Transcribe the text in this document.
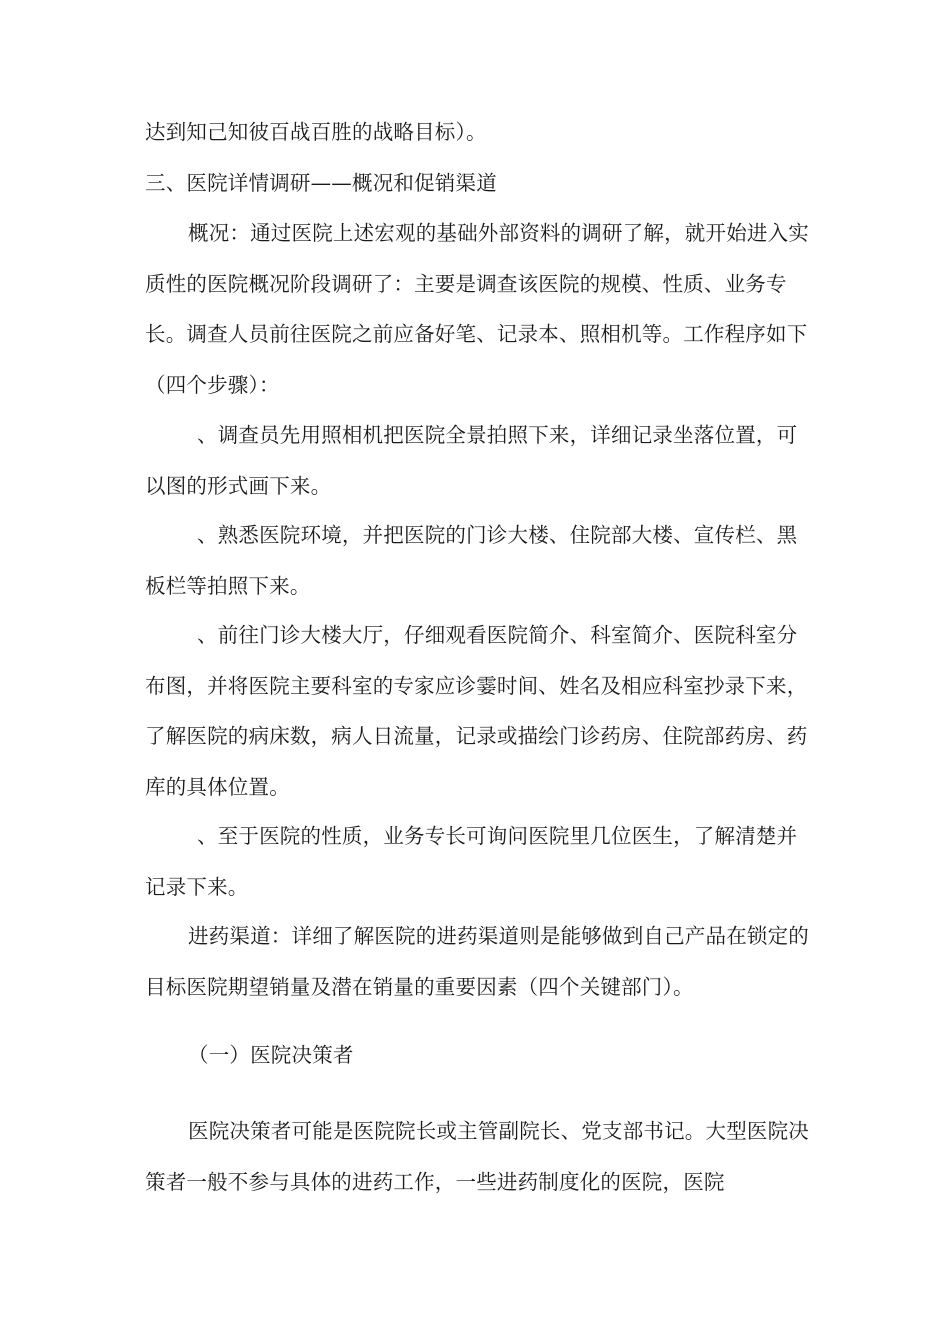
达到知己知彼百战百胜的战略目标）。

三、医院详情调研——概况和促销渠道

概况：通过医院上述宏观的基础外部资料的调研了解，就开始进入实质性的医院概况阶段调研了：主要是调查该医院的规模、性质、业务专长。调查人员前往医院之前应备好笔、记录本、照相机等。工作程序如下（四个步骤）：

、调查员先用照相机把医院全景拍照下来，详细记录坐落位置，可以图的形式画下来。

、熟悉医院环境，并把医院的门诊大楼、住院部大楼、宣传栏、黑板栏等拍照下来。

、前往门诊大楼大厅，仔细观看医院简介、科室简介、医院科室分布图，并将医院主要科室的专家应诊霎时间、姓名及相应科室抄录下来，了解医院的病床数，病人日流量，记录或描绘门诊药房、住院部药房、药库的具体位置。

、至于医院的性质，业务专长可询问医院里几位医生，了解清楚并记录下来。

进药渠道：详细了解医院的进药渠道则是能够做到自己产品在锁定的目标医院期望销量及潜在销量的重要因素（四个关键部门）。

（一）医院决策者

医院决策者可能是医院院长或主管副院长、党支部书记。大型医院决策者一般不参与具体的进药工作，一些进药制度化的医院，医院
